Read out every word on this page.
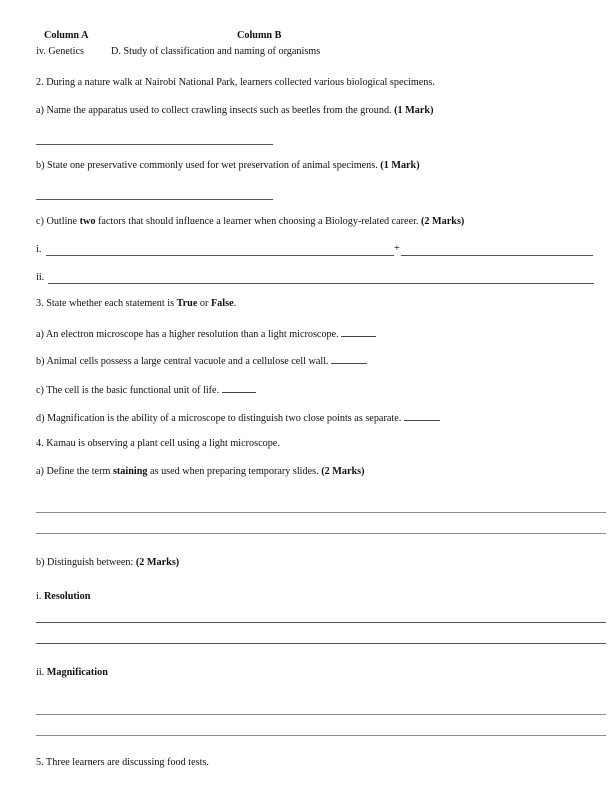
Column A	Column B
iv. Genetics	D. Study of classification and naming of organisms
2. During a nature walk at Nairobi National Park, learners collected various biological specimens.
a) Name the apparatus used to collect crawling insects such as beetles from the ground. (1 Mark)
b) State one preservative commonly used for wet preservation of animal specimens. (1 Mark)
c) Outline two factors that should influence a learner when choosing a Biology-related career. (2 Marks)
i.	+
ii.
3. State whether each statement is True or False.
a) An electron microscope has a higher resolution than a light microscope.
b) Animal cells possess a large central vacuole and a cellulose cell wall.
c) The cell is the basic functional unit of life.
d) Magnification is the ability of a microscope to distinguish two close points as separate.
4. Kamau is observing a plant cell using a light microscope.
a) Define the term staining as used when preparing temporary slides. (2 Marks)
b) Distinguish between: (2 Marks)
i. Resolution
ii. Magnification
5. Three learners are discussing food tests.
